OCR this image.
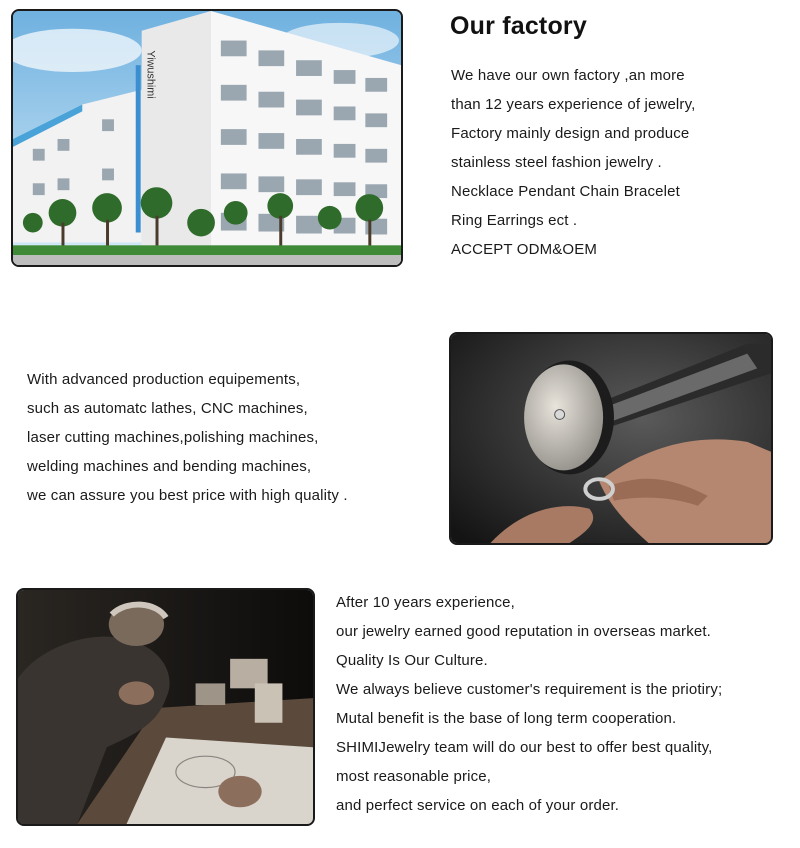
Yiwushimi
Our factory
We have our own factory ,an more
than 12 years experience of jewelry,
Factory mainly design and produce
stainless steel fashion jewelry .
Necklace Pendant Chain Bracelet
Ring Earrings ect .
ACCEPT ODM&OEM
With advanced production equipements,
such as automatc lathes, CNC machines,
laser cutting machines,polishing machines,
welding machines and bending machines,
we can assure you best price with high quality .
After 10 years experience,
our jewelry earned good reputation in overseas market.
Quality Is Our Culture.
We always believe customer's requirement is the priotiry;
Mutal benefit is the base of long term cooperation.
SHIMIJewelry team will do our best to offer best quality,
most reasonable price,
and perfect service on each of your order.
